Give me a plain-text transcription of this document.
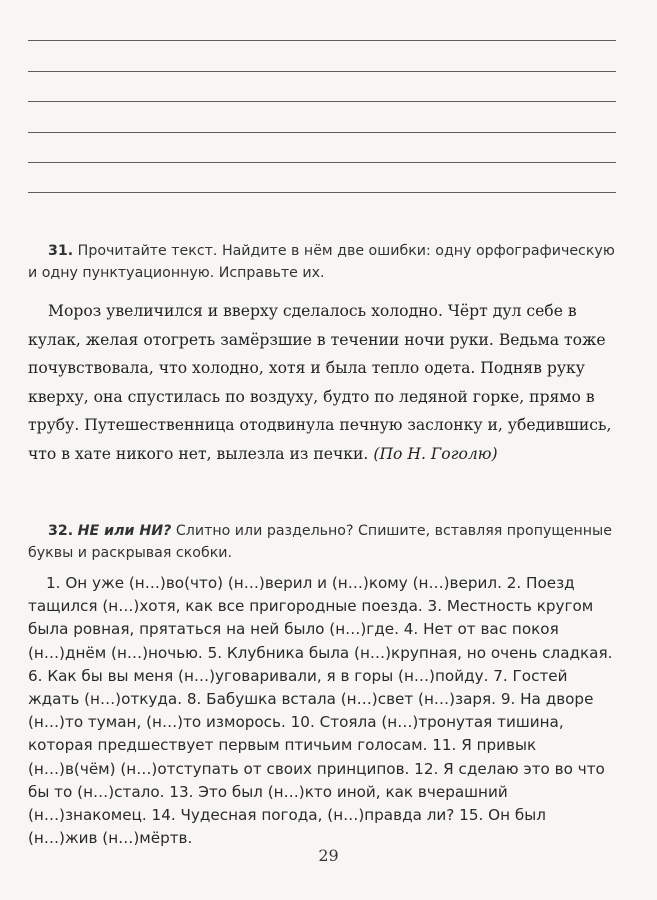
31. Прочитайте текст. Найдите в нём две ошибки: одну орфографическую и одну пунктуационную. Исправьте их.
Мороз увеличился и вверху сделалось холодно. Чёрт дул себе в кулак, желая отогреть замёрзшие в течении ночи руки. Ведьма тоже почувствовала, что холодно, хотя и была тепло одета. Подняв руку кверху, она спустилась по воздуху, будто по ледяной горке, прямо в трубу. Путешественница отодвинула печную заслонку и, убедившись, что в хате никого нет, вылезла из печки. (По Н. Гоголю)
32. НЕ или НИ? Слитно или раздельно? Спишите, вставляя пропущенные буквы и раскрывая скобки.
1. Он уже (н…)во(что) (н…)верил и (н…)кому (н…)верил. 2. Поезд тащился (н…)хотя, как все пригородные поезда. 3. Местность кругом была ровная, прятаться на ней было (н…)где. 4. Нет от вас покоя (н…)днём (н…)ночью. 5. Клубника была (н…)крупная, но очень сладкая. 6. Как бы вы меня (н…)уговаривали, я в горы (н…)пойду. 7. Гостей ждать (н…)откуда. 8. Бабушка встала (н…)свет (н…)заря. 9. На дворе (н…)то туман, (н…)то изморось. 10. Стояла (н…)тронутая тишина, которая предшествует первым птичьим голосам. 11. Я привык (н…)в(чём) (н…)отступать от своих принципов. 12. Я сделаю это во что бы то (н…)стало. 13. Это был (н…)кто иной, как вчерашний (н…)знакомец. 14. Чудесная погода, (н…)правда ли? 15. Он был (н…)жив (н…)мёртв.
29
